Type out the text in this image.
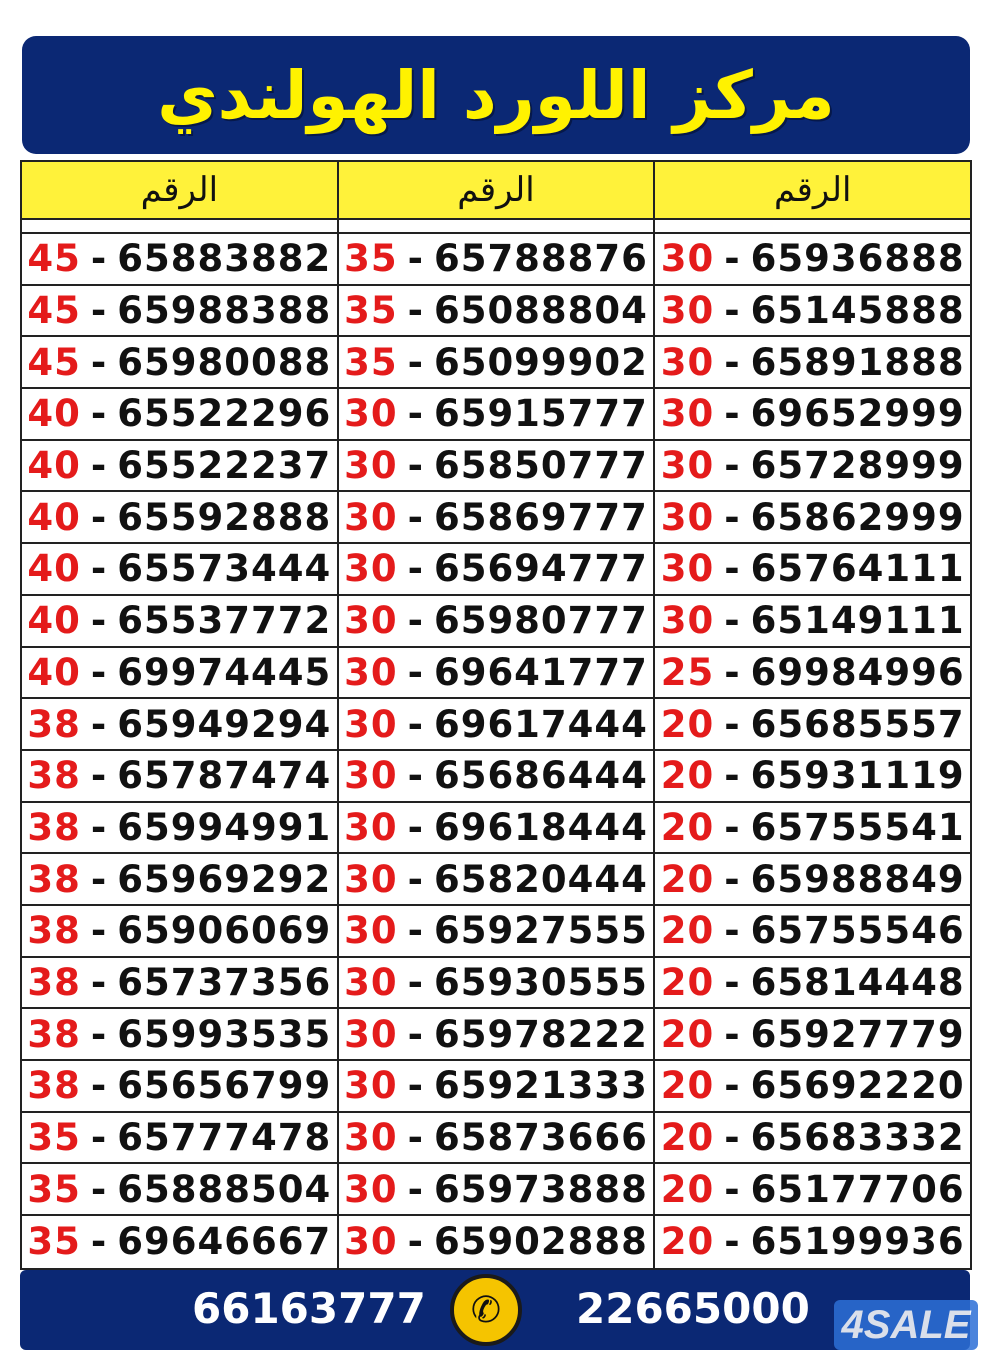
مركز اللورد الهولندي
الرقم
45 - 65883882
45 - 65988388
45 - 65980088
40 - 65522296
40 - 65522237
40 - 65592888
40 - 65573444
40 - 65537772
40 - 69974445
38 - 65949294
38 - 65787474
38 - 65994991
38 - 65969292
38 - 65906069
38 - 65737356
38 - 65993535
38 - 65656799
35 - 65777478
35 - 65888504
35 - 69646667
الرقم
35 - 65788876
35 - 65088804
35 - 65099902
30 - 65915777
30 - 65850777
30 - 65869777
30 - 65694777
30 - 65980777
30 - 69641777
30 - 69617444
30 - 65686444
30 - 69618444
30 - 65820444
30 - 65927555
30 - 65930555
30 - 65978222
30 - 65921333
30 - 65873666
30 - 65973888
30 - 65902888
الرقم
30 - 65936888
30 - 65145888
30 - 65891888
30 - 69652999
30 - 65728999
30 - 65862999
30 - 65764111
30 - 65149111
25 - 69984996
20 - 65685557
20 - 65931119
20 - 65755541
20 - 65988849
20 - 65755546
20 - 65814448
20 - 65927779
20 - 65692220
20 - 65683332
20 - 65177706
20 - 65199936
66163777	✆	22665000 4SALE
